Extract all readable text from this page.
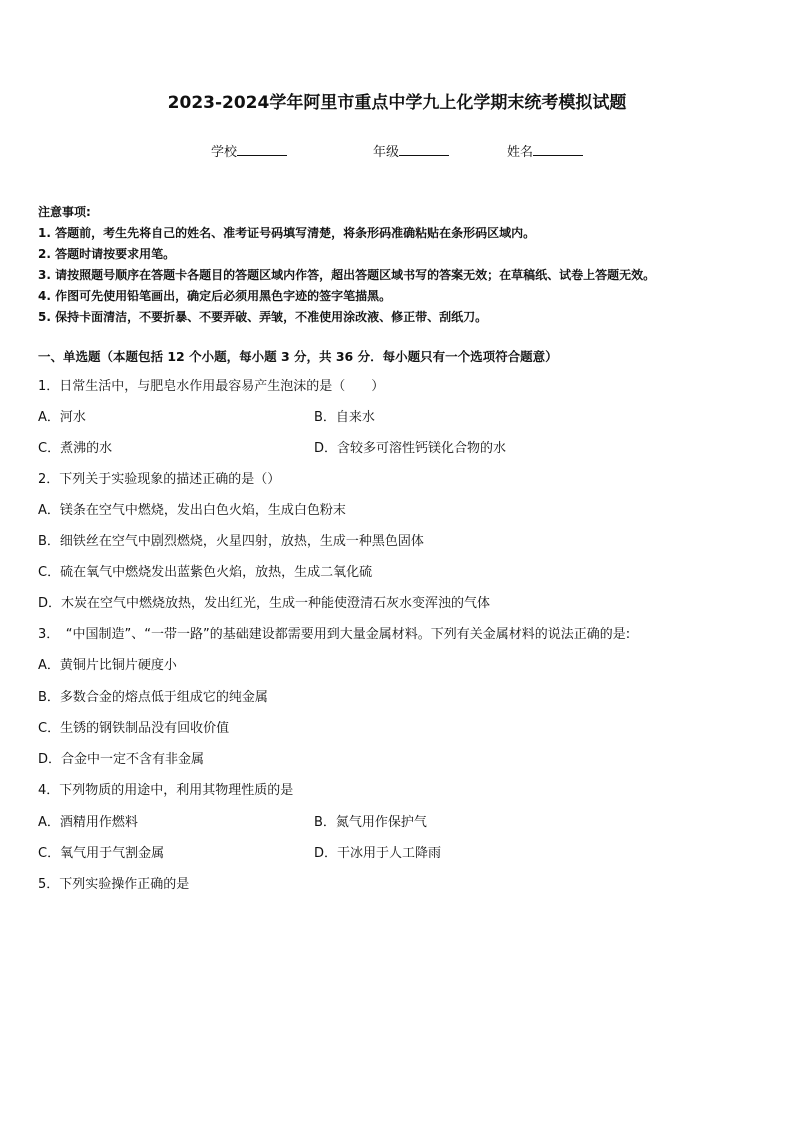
2023-2024学年阿里市重点中学九上化学期末统考模拟试题
学校	年级	姓名
注意事项:
1. 答题前，考生先将自己的姓名、准考证号码填写清楚，将条形码准确粘贴在条形码区域内。
2. 答题时请按要求用笔。
3. 请按照题号顺序在答题卡各题目的答题区域内作答，超出答题区域书写的答案无效；在草稿纸、试卷上答题无效。
4. 作图可先使用铅笔画出，确定后必须用黑色字迹的签字笔描黑。
5. 保持卡面清洁，不要折暴、不要弄破、弄皱，不准使用涂改液、修正带、刮纸刀。
一、单选题（本题包括 12 个小题，每小题 3 分，共 36 分．每小题只有一个选项符合题意）
1．日常生活中，与肥皂水作用最容易产生泡沫的是（　　）
A．河水	B．自来水
C．煮沸的水	D．含较多可溶性钙镁化合物的水
2．下列关于实验现象的描述正确的是（）
A．镁条在空气中燃烧，发出白色火焰，生成白色粉末
B．细铁丝在空气中剧烈燃烧，火星四射，放热，生成一种黑色固体
C．硫在氧气中燃烧发出蓝紫色火焰，放热，生成二氧化硫
D．木炭在空气中燃烧放热，发出红光，生成一种能使澄清石灰水变浑浊的气体
3．　“中国制造”、“一带一路”的基础建设都需要用到大量金属材料。下列有关金属材料的说法正确的是:
A．黄铜片比铜片硬度小
B．多数合金的熔点低于组成它的纯金属
C．生锈的钢铁制品没有回收价值
D．合金中一定不含有非金属
4．下列物质的用途中，利用其物理性质的是
A．酒精用作燃料	B．氮气用作保护气
C．氧气用于气割金属	D．干冰用于人工降雨
5．下列实验操作正确的是
